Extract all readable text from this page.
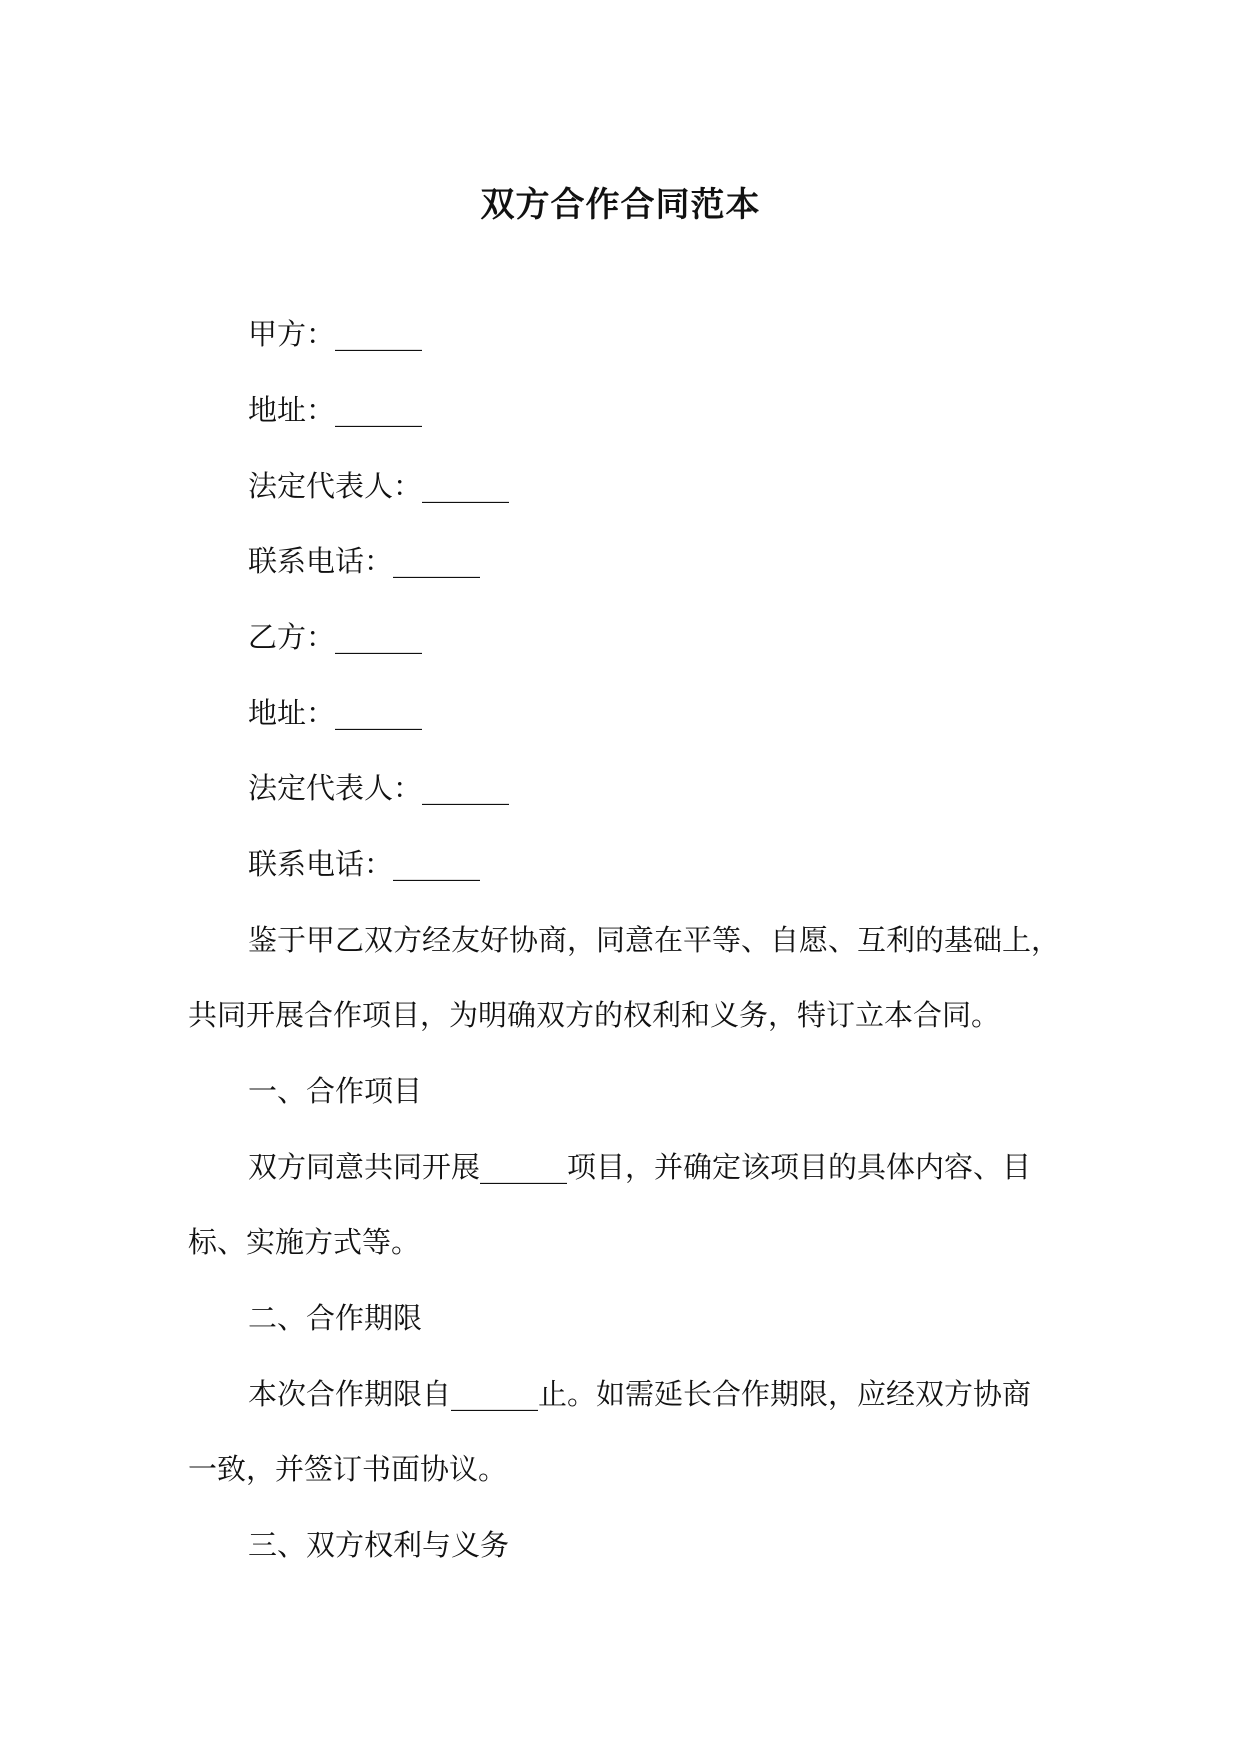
双方合作合同范本
甲方：______
地址：______
法定代表人：______
联系电话：______
乙方：______
地址：______
法定代表人：______
联系电话：______
鉴于甲乙双方经友好协商，同意在平等、自愿、互利的基础上，
共同开展合作项目，为明确双方的权利和义务，特订立本合同。
一、合作项目
双方同意共同开展______项目，并确定该项目的具体内容、目
标、实施方式等。
二、合作期限
本次合作期限自______止。如需延长合作期限，应经双方协商
一致，并签订书面协议。
三、双方权利与义务
